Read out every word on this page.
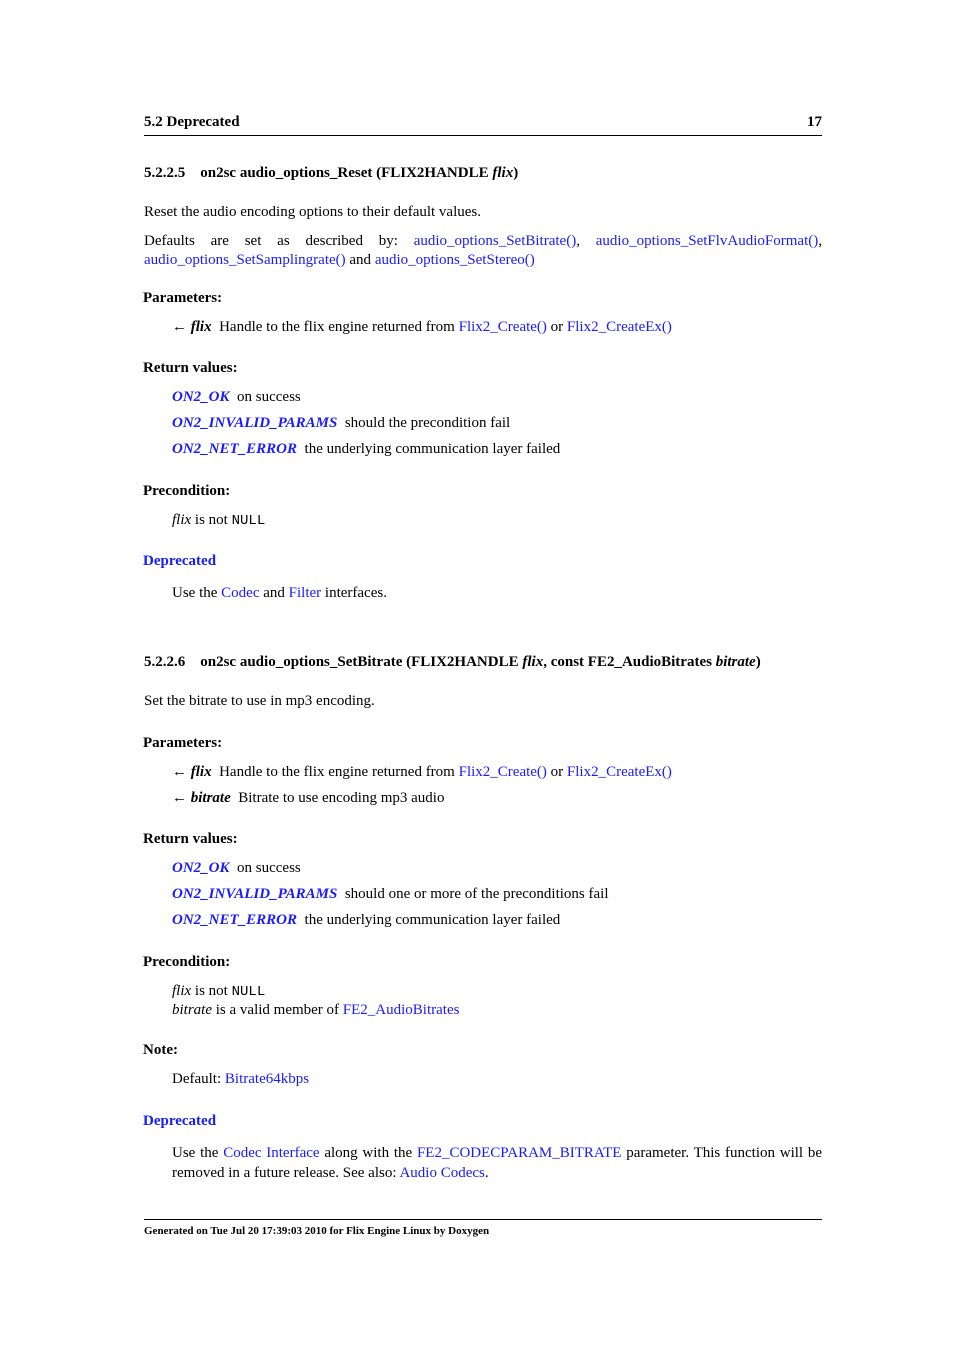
5.2 Deprecated	17
5.2.2.5 on2sc audio_options_Reset (FLIX2HANDLE flix)
Reset the audio encoding options to their default values.
Defaults are set as described by: audio_options_SetBitrate(), audio_options_SetFlvAudioFormat(), audio_options_SetSamplingrate() and audio_options_SetStereo()
Parameters:
← flix Handle to the flix engine returned from Flix2_Create() or Flix2_CreateEx()
Return values:
ON2_OK on success
ON2_INVALID_PARAMS should the precondition fail
ON2_NET_ERROR the underlying communication layer failed
Precondition:
flix is not NULL
Deprecated
Use the Codec and Filter interfaces.
5.2.2.6 on2sc audio_options_SetBitrate (FLIX2HANDLE flix, const FE2_AudioBitrates bitrate)
Set the bitrate to use in mp3 encoding.
Parameters:
← flix Handle to the flix engine returned from Flix2_Create() or Flix2_CreateEx()
← bitrate Bitrate to use encoding mp3 audio
Return values:
ON2_OK on success
ON2_INVALID_PARAMS should one or more of the preconditions fail
ON2_NET_ERROR the underlying communication layer failed
Precondition:
flix is not NULL
bitrate is a valid member of FE2_AudioBitrates
Note:
Default: Bitrate64kbps
Deprecated
Use the Codec Interface along with the FE2_CODECPARAM_BITRATE parameter. This function will be removed in a future release. See also: Audio Codecs.
Generated on Tue Jul 20 17:39:03 2010 for Flix Engine Linux by Doxygen
